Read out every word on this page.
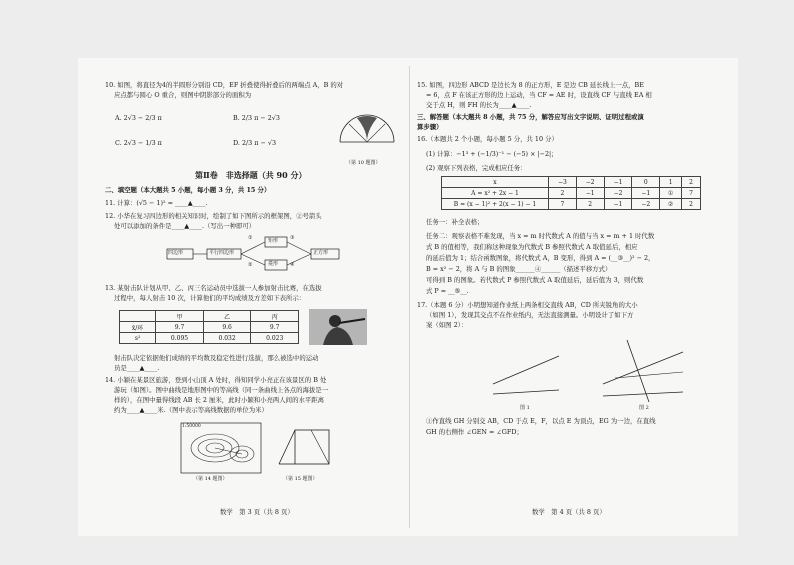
10. 如图，将直径为4的半圆形分别沿 CD，EF 折叠使得折叠后的两端点 A，B 的对
应点都与圆心 O 重合，则图中阴影部分的面积为
A. 2√3 − 2/3 π	B. 2/3 π − 2√3
C. 2√3 − 1/3 π	D. 2/3 π − √3
（第 10 题图）
第Ⅱ卷　非选择题（共 90 分）
二、填空题（本大题共 5 小题，每小题 3 分，共 15 分）
11. 计算：(√5 − 1)² = ____▲____.
12. 小华在复习四边形的相关知识时，绘制了如下图所示的框架图，②号箭头
处可以添加的条件是____▲____.（写出一种即可）
四边形	平行四边形
矩形
菱形
正方形
①
②
③
④
13. 某射击队计划从甲、乙、丙三名运动员中选拔一人参加射击比赛，在选拔
过程中，每人射击 10 次，计算他们的平均成绩及方差如下表所示：
	甲	乙	丙
x̄/环	9.7	9.6	9.7
s²	0.095	0.032	0.023
射击队决定依据他们成绩的平均数及稳定性进行选拔，那么被选中的运动
员是____▲____.
14. 小颖在某景区旅游，登到小山顶 A 处时，得知同学小亮正在该景区的 B 处
游玩（如图）。图中曲线是地形图中的等高线（同一条曲线上各点的海拔是一
样的），在图中量得线段 AB 长 2 厘米，此时小颖和小亮两人间的水平距离
约为____▲____米.（图中表示等高线数据的单位为米）
1:50000
（第 14 题图）	（第 15 题图）
数学　第 3 页（共 8 页）
15. 如图，四边形 ABCD 是边长为 8 的正方形，E 是边 CB 延长线上一点，BE
= 6，点 F 在该正方形的边上运动，当 CF = AE 时，设直线 CF 与直线 EA 相
交于点 H，则 FH 的长为____▲____.
三、解答题（本大题共 8 小题，共 75 分，解答应写出文字说明、证明过程或演
算步骤）
16.（本题共 2 个小题，每小题 5 分，共 10 分）
(1) 计算：−1³ + (−1/3)⁻¹ − (−5) × |−2|；
(2) 观察下列表格，完成相应任务：
x	−3	−2	−1	0	1	2
A = x² + 2x − 1	2	−1	−2	−1	①	7
B = (x − 1)² + 2(x − 1) − 1	7	2	−1	−2	②	2
任务一：补全表格；
任务二：观察表格不难发现，当 x = m 时代数式 A 的值与当 x = m + 1 时代数
式 B 的值相等，我们称这种现象为代数式 B 参照代数式 A 取值延后，相应
的延后值为 1；结合函数图象，将代数式 A，B 变形，得到 A = (__③__)² − 2，
B = x² − 2，将 A 与 B 的图象______④______（描述平移方式）
可得到 B 的图象。若代数式 P 参照代数式 A 取值延后，延后值为 3，则代数
式 P = __⑤__.
17.（本题 6 分）小明想知道作业纸上两条相交直线 AB，CD 所夹锐角的大小
（如图 1），发现其交点不在作业纸内，无法直接测量。小明设计了如下方
案（如图 2）：
图 1	图 2
①作直线 GH 分别交 AB，CD 于点 E，F，以点 E 为顶点，EG 为一边，在直线
GH 的右侧作 ∠GEN = ∠GFD；
数学　第 4 页（共 8 页）
